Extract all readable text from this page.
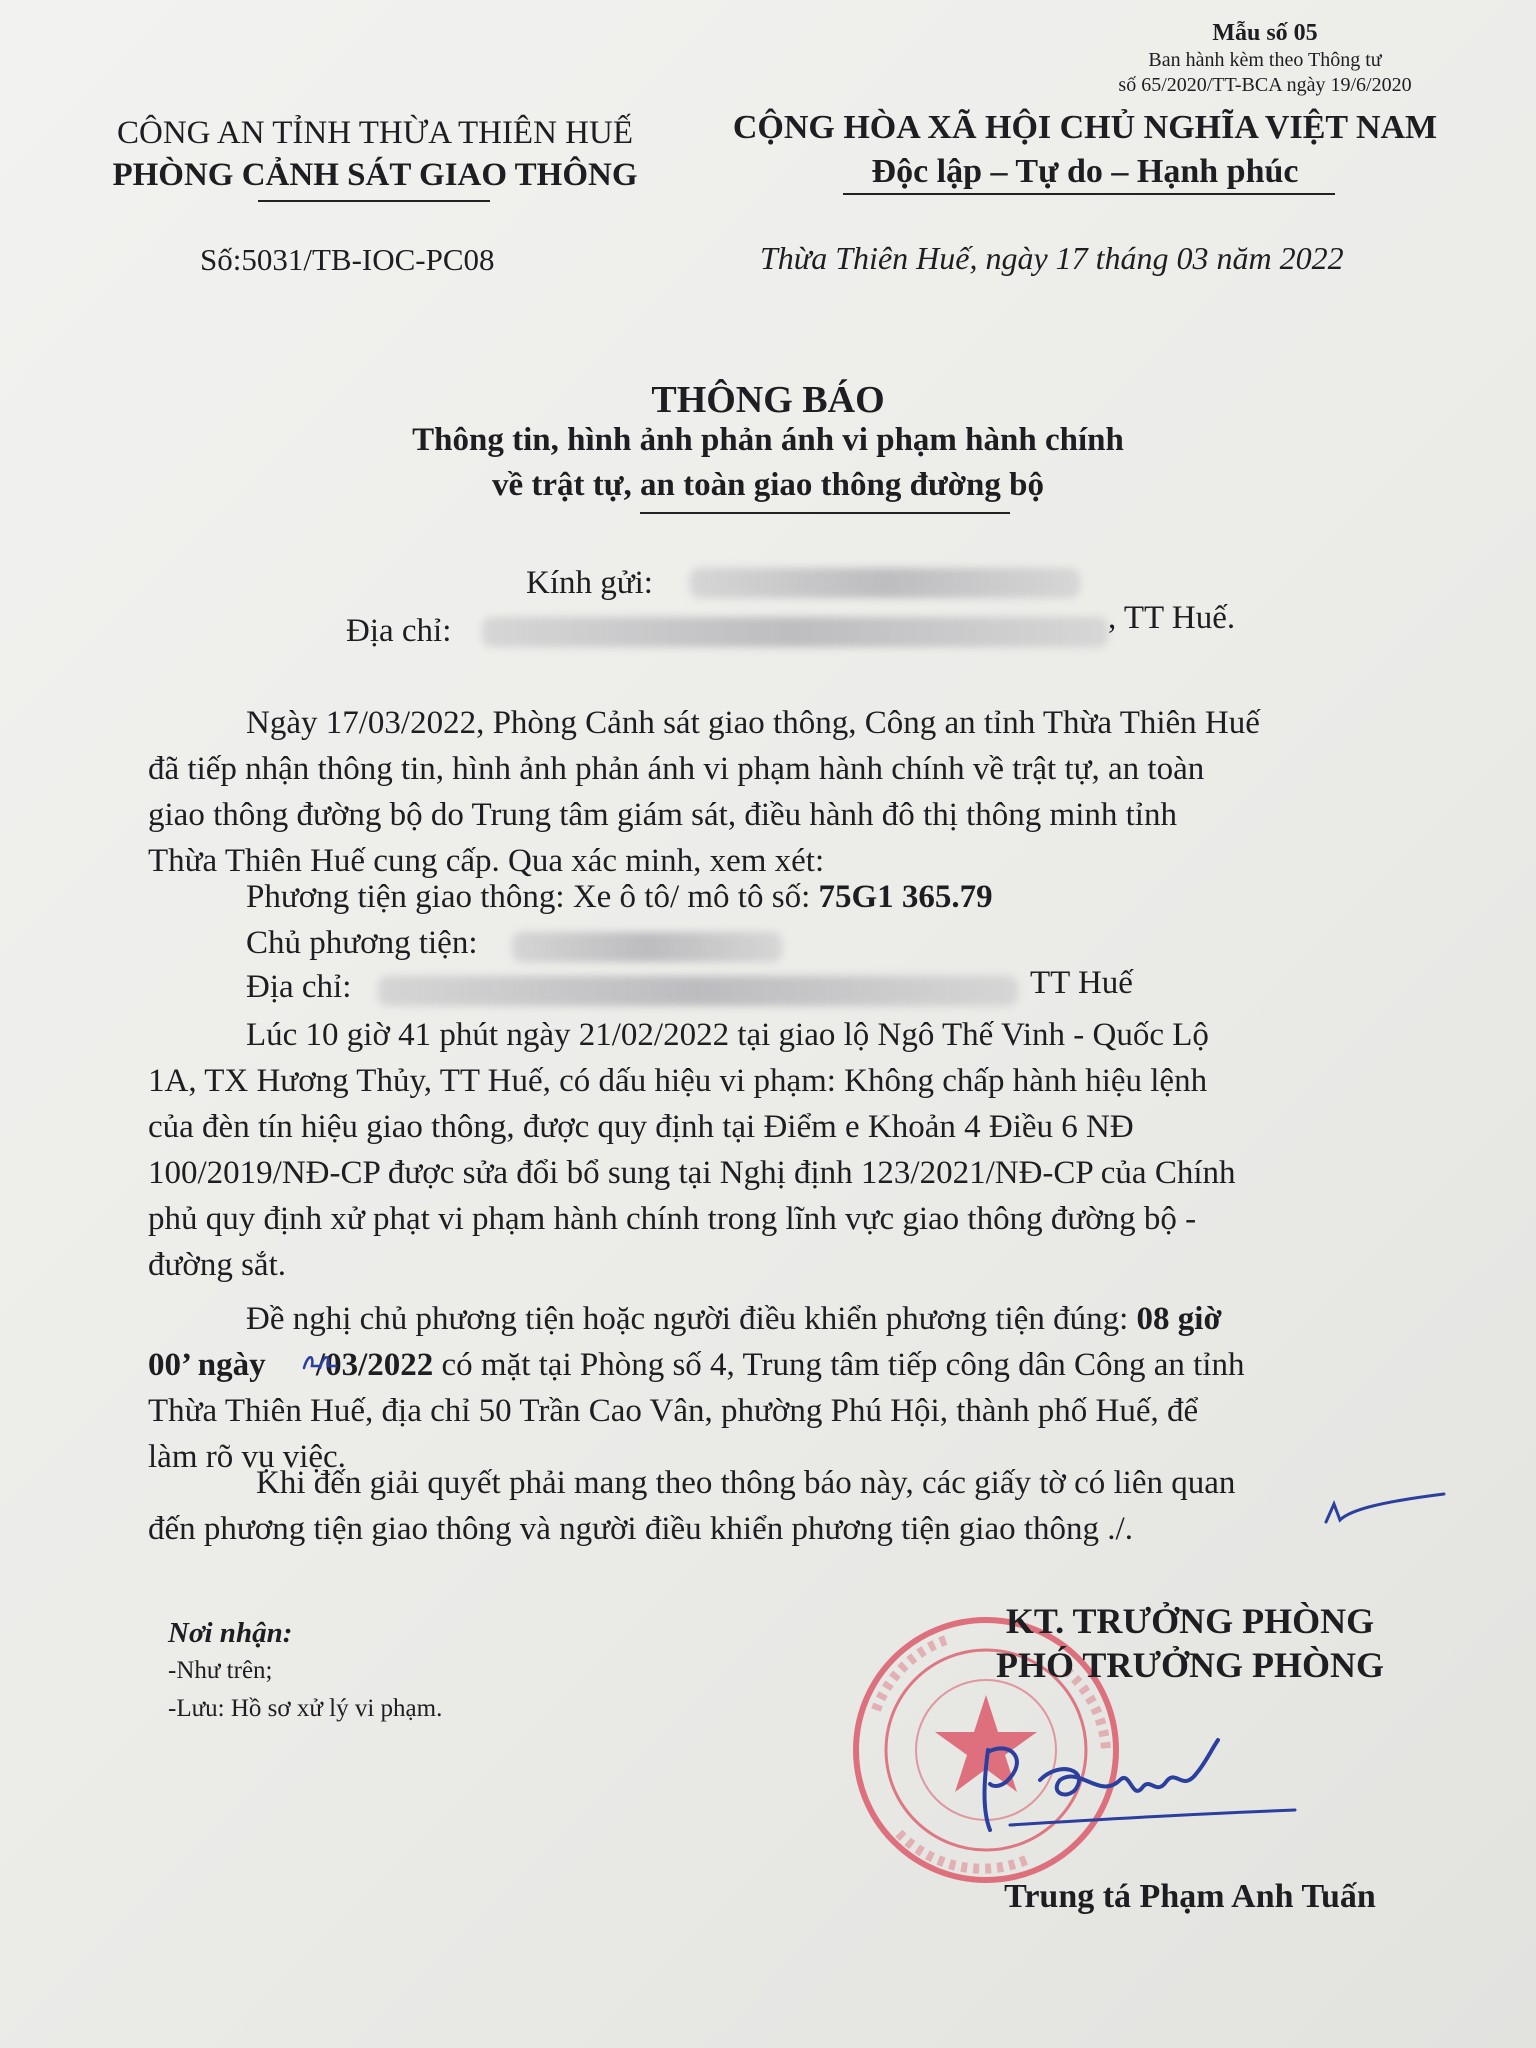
Mẫu số 05
Ban hành kèm theo Thông tư
số 65/2020/TT-BCA ngày 19/6/2020
CÔNG AN TỈNH THỪA THIÊN HUẾ
PHÒNG CẢNH SÁT GIAO THÔNG
CỘNG HÒA XÃ HỘI CHỦ NGHĨA VIỆT NAM
Độc lập – Tự do – Hạnh phúc
Số:5031/TB-IOC-PC08	Thừa Thiên Huế, ngày 17 tháng 03 năm 2022
THÔNG BÁO
Thông tin, hình ảnh phản ánh vi phạm hành chính
về trật tự, an toàn giao thông đường bộ
Kính gửi:
Địa chỉ:	, TT Huế.
Ngày 17/03/2022, Phòng Cảnh sát giao thông, Công an tỉnh Thừa Thiên Huế
đã tiếp nhận thông tin, hình ảnh phản ánh vi phạm hành chính về trật tự, an toàn
giao thông đường bộ do Trung tâm giám sát, điều hành đô thị thông minh tỉnh
Thừa Thiên Huế cung cấp. Qua xác minh, xem xét:
Phương tiện giao thông: Xe ô tô/ mô tô số: 75G1 365.79
Chủ phương tiện:
Địa chỉ:	TT Huế
Lúc 10 giờ 41 phút ngày 21/02/2022 tại giao lộ Ngô Thế Vinh - Quốc Lộ
1A, TX Hương Thủy, TT Huế, có dấu hiệu vi phạm: Không chấp hành hiệu lệnh
của đèn tín hiệu giao thông, được quy định tại Điểm e Khoản 4 Điều 6 NĐ
100/2019/NĐ-CP được sửa đổi bổ sung tại Nghị định 123/2021/NĐ-CP của Chính
phủ quy định xử phạt vi phạm hành chính trong lĩnh vực giao thông đường bộ -
đường sắt.
Đề nghị chủ phương tiện hoặc người điều khiển phương tiện đúng: 08 giờ
00’ ngày /03/2022 có mặt tại Phòng số 4, Trung tâm tiếp công dân Công an tỉnh
Thừa Thiên Huế, địa chỉ 50 Trần Cao Vân, phường Phú Hội, thành phố Huế, để
làm rõ vụ việc.
Khi đến giải quyết phải mang theo thông báo này, các giấy tờ có liên quan
đến phương tiện giao thông và người điều khiển phương tiện giao thông ./.
Nơi nhận:
-Như trên;
-Lưu: Hồ sơ xử lý vi phạm.
KT. TRƯỞNG PHÒNG
PHÓ TRƯỞNG PHÒNG
Trung tá Phạm Anh Tuấn
